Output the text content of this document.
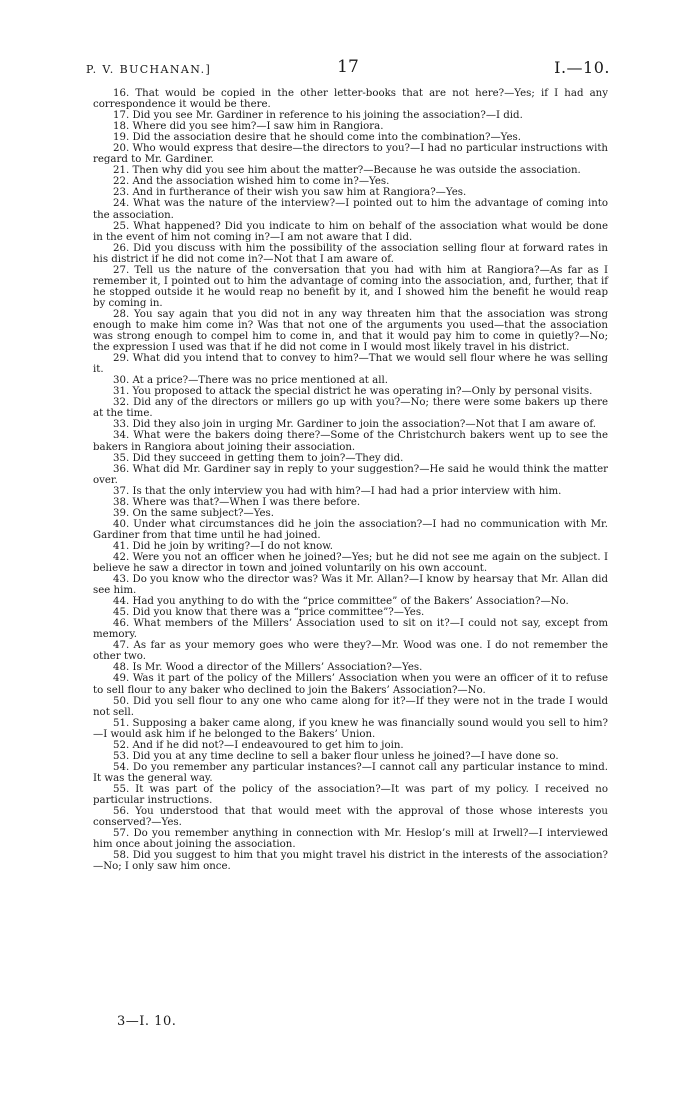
P. V. BUCHANAN.]	17	I.—10.

16. That would be copied in the other letter-books that are not here?—Yes; if I had any correspondence it would be there.

17. Did you see Mr. Gardiner in reference to his joining the association?—I did.

18. Where did you see him?—I saw him in Rangiora.

19. Did the association desire that he should come into the combination?—Yes.

20. Who would express that desire—the directors to you?—I had no particular instructions with regard to Mr. Gardiner.

21. Then why did you see him about the matter?—Because he was outside the association.

22. And the association wished him to come in?—Yes.

23. And in furtherance of their wish you saw him at Rangiora?—Yes.

24. What was the nature of the interview?—I pointed out to him the advantage of coming into the association.

25. What happened? Did you indicate to him on behalf of the association what would be done in the event of him not coming in?—I am not aware that I did.

26. Did you discuss with him the possibility of the association selling flour at forward rates in his district if he did not come in?—Not that I am aware of.

27. Tell us the nature of the conversation that you had with him at Rangiora?—As far as I remember it, I pointed out to him the advantage of coming into the association, and, further, that if he stopped outside it he would reap no benefit by it, and I showed him the benefit he would reap by coming in.

28. You say again that you did not in any way threaten him that the association was strong enough to make him come in? Was that not one of the arguments you used—that the association was strong enough to compel him to come in, and that it would pay him to come in quietly?—No; the expression I used was that if he did not come in I would most likely travel in his district.

29. What did you intend that to convey to him?—That we would sell flour where he was selling it.

30. At a price?—There was no price mentioned at all.

31. You proposed to attack the special district he was operating in?—Only by personal visits.

32. Did any of the directors or millers go up with you?—No; there were some bakers up there at the time.

33. Did they also join in urging Mr. Gardiner to join the association?—Not that I am aware of.

34. What were the bakers doing there?—Some of the Christchurch bakers went up to see the bakers in Rangiora about joining their association.

35. Did they succeed in getting them to join?—They did.

36. What did Mr. Gardiner say in reply to your suggestion?—He said he would think the matter over.

37. Is that the only interview you had with him?—I had had a prior interview with him.

38. Where was that?—When I was there before.

39. On the same subject?—Yes.

40. Under what circumstances did he join the association?—I had no communication with Mr. Gardiner from that time until he had joined.

41. Did he join by writing?—I do not know.

42. Were you not an officer when he joined?—Yes; but he did not see me again on the subject. I believe he saw a director in town and joined voluntarily on his own account.

43. Do you know who the director was? Was it Mr. Allan?—I know by hearsay that Mr. Allan did see him.

44. Had you anything to do with the “price committee” of the Bakers’ Association?—No.

45. Did you know that there was a “price committee”?—Yes.

46. What members of the Millers’ Association used to sit on it?—I could not say, except from memory.

47. As far as your memory goes who were they?—Mr. Wood was one. I do not remember the other two.

48. Is Mr. Wood a director of the Millers’ Association?—Yes.

49. Was it part of the policy of the Millers’ Association when you were an officer of it to refuse to sell flour to any baker who declined to join the Bakers’ Association?—No.

50. Did you sell flour to any one who came along for it?—If they were not in the trade I would not sell.

51. Supposing a baker came along, if you knew he was financially sound would you sell to him?—I would ask him if he belonged to the Bakers’ Union.

52. And if he did not?—I endeavoured to get him to join.

53. Did you at any time decline to sell a baker flour unless he joined?—I have done so.

54. Do you remember any particular instances?—I cannot call any particular instance to mind. It was the general way.

55. It was part of the policy of the association?—It was part of my policy. I received no particular instructions.

56. You understood that that would meet with the approval of those whose interests you conserved?—Yes.

57. Do you remember anything in connection with Mr. Heslop’s mill at Irwell?—I interviewed him once about joining the association.

58. Did you suggest to him that you might travel his district in the interests of the association?—No; I only saw him once.

3—I. 10.
